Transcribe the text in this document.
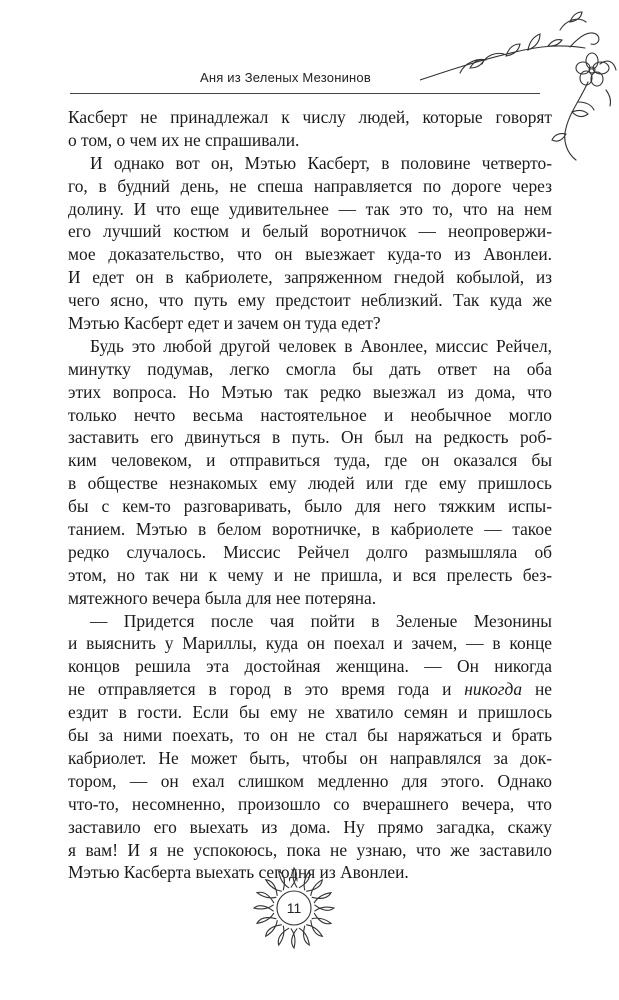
Аня из Зеленых Мезонинов
Касберт не принадлежал к числу людей, которые говорят
о том, о чем их не спрашивали.
И однако вот он, Мэтью Касберт, в половине четверто-
го, в будний день, не спеша направляется по дороге через
долину. И что еще удивительнее — так это то, что на нем
его лучший костюм и белый воротничок — неопровержи-
мое доказательство, что он выезжает куда-то из Авонлеи.
И едет он в кабриолете, запряженном гнедой кобылой, из
чего ясно, что путь ему предстоит неблизкий. Так куда же
Мэтью Касберт едет и зачем он туда едет?
Будь это любой другой человек в Авонлее, миссис Рейчел,
минутку подумав, легко смогла бы дать ответ на оба
этих вопроса. Но Мэтью так редко выезжал из дома, что
только нечто весьма настоятельное и необычное могло
заставить его двинуться в путь. Он был на редкость роб-
ким человеком, и отправиться туда, где он оказался бы
в обществе незнакомых ему людей или где ему пришлось
бы с кем-то разговаривать, было для него тяжким испы-
танием. Мэтью в белом воротничке, в кабриолете — такое
редко случалось. Миссис Рейчел долго размышляла об
этом, но так ни к чему и не пришла, и вся прелесть без-
мятежного вечера была для нее потеряна.
— Придется после чая пойти в Зеленые Мезонины
и выяснить у Мариллы, куда он поехал и зачем, — в конце
концов решила эта достойная женщина. — Он никогда
не отправляется в город в это время года и никогда не
ездит в гости. Если бы ему не хватило семян и пришлось
бы за ними поехать, то он не стал бы наряжаться и брать
кабриолет. Не может быть, чтобы он направлялся за док-
тором, — он ехал слишком медленно для этого. Однако
что-то, несомненно, произошло со вчерашнего вечера, что
заставило его выехать из дома. Ну прямо загадка, скажу
я вам! И я не успокоюсь, пока не узнаю, что же заставило
Мэтью Касберта выехать сегодня из Авонлеи.
11
